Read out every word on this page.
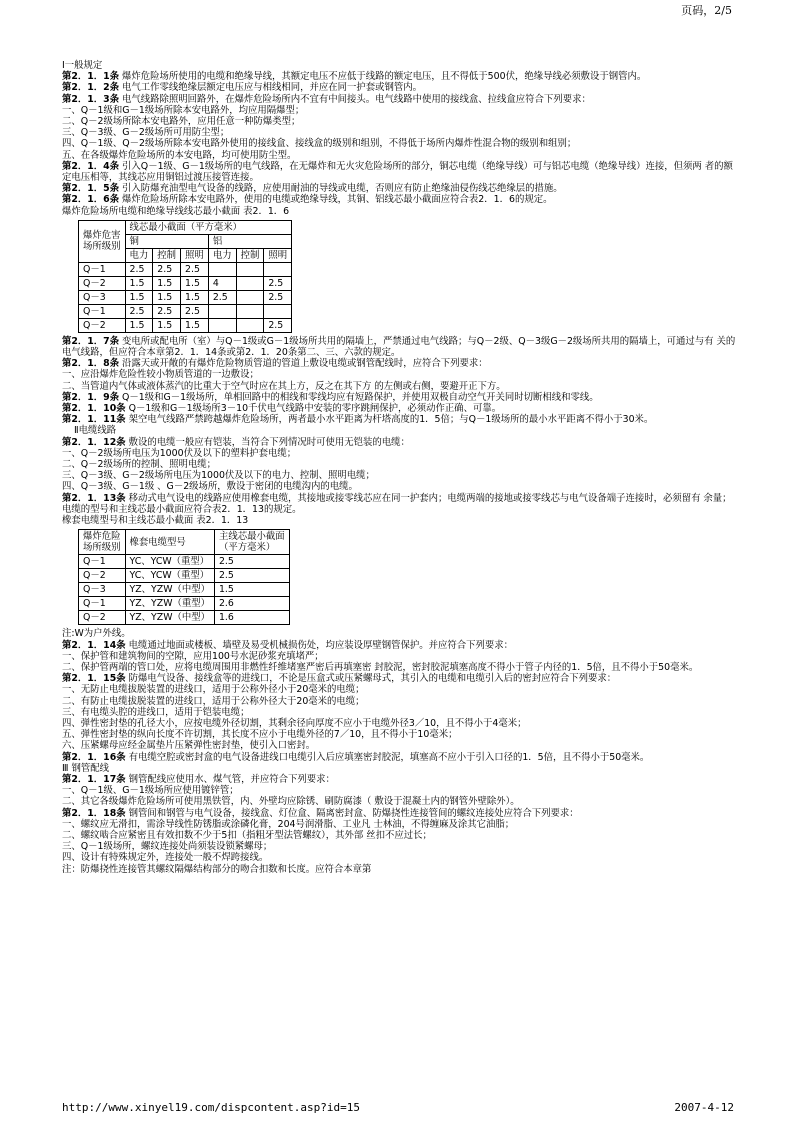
页码，2/5
Ⅰ一般规定
第2．1．1条 爆炸危险场所使用的电缆和绝缘导线，其额定电压不应低于线路的额定电压，且不得低于500伏，绝缘导线必须敷设于钢管内。
第2．1．2条 电气工作零线绝缘层额定电压应与相线相同，并应在同一护套或钢管内。
第2．1．3条 电气线路除照明回路外，在爆炸危险场所内不宜有中间接头。电气线路中使用的接线盒、拉线盒应符合下列要求：
一、Q－1级和G－1级场所除本安电路外，均应用隔爆型；
二、Q－2级场所除本安电路外，应用任意一种防爆类型；
三、Q－3级、G－2级场所可用防尘型；
四、Q－1级、Q－2级场所除本安电路外使用的接线盒、接线盒的级别和组别，不得低于场所内爆炸性混合物的级别和组别；
五、在各级爆炸危险场所的本安电路，均可使用防尘型。
第2．1．4条 引入Q－1级、G－1级场所的电气线路，在无爆炸和无火灾危险场所的部分，铜芯电缆（绝缘导线）可与铝芯电缆（绝缘导线）连接，但须两 者的额定电压相等，其线芯应用铜铝过渡压接管连接。
第2．1．5条 引入防爆充油型电气设备的线路，应使用耐油的导线或电缆，否则应有防止绝缘油侵伤线芯绝缘层的措施。
第2．1．6条 爆炸危险场所除本安电路外，使用的电缆或绝缘导线，其铜、铝线芯最小截面应符合表2．1．6的规定。
爆炸危险场所电缆和绝缘导线线芯最小截面 表2．1．6
爆炸危害
场所级别	线芯最小截面（平方毫米）					
	铜			铝		
	电力	控制	照明	电力	控制	照明
Q－1	2.5	2.5	2.5			
Q－2	1.5	1.5	1.5	4		2.5
Q－3	1.5	1.5	1.5	2.5		2.5
Q－1	2.5	2.5	2.5			
Q－2	1.5	1.5	1.5			2.5
第2．1．7条 变电所或配电所（室）与Q－1级或G－1级场所共用的隔墙上，严禁通过电气线路；与Q－2级、Q－3级G－2级场所共用的隔墙上，可通过与有 关的电气线路，但应符合本章第2．1．14条或第2．1．20条第二、三、六款的规定。
第2．1．8条 沿露天或开敞的有爆炸危险物质管道的管道上敷设电缆或钢管配线时，应符合下列要求：
一、应沿爆炸危险性较小物质管道的一边敷设；
二、当管道内气体或液体蒸汽的比重大于空气时应在其上方，反之在其下方 的左侧或右侧，要避开正下方。
第2．1．9条 Q－1级和G－1级场所，单相回路中的相线和零线均应有短路保护，并使用双极自动空气开关同时切断相线和零线。
第2．1．10条 Q－1级和G－1级场所3－10千伏电气线路中安装的零序跳闸保护，必须动作正确、可靠。
第2．1．11条 架空电气线路严禁跨越爆炸危险场所，两者最小水平距离为杆塔高度的1．5倍；与Q－1级场所的最小水平距离不得小于30米。
Ⅱ电缆线路
第2．1．12条 敷设的电缆一般应有铠装，当符合下列情况时可使用无铠装的电缆：
一、Q－2级场所电压为1000伏及以下的塑料护套电缆；
二、Q－2级场所的控制、照明电缆；
三、Q－3级、G－2级场所电压为1000伏及以下的电力、控制、照明电缆；
四、Q－3级、G－1级 、G－2级场所，敷设于密闭的电缆沟内的电缆。
第2．1．13条 移动式电气设电的线路应使用橡套电缆，其接地或接零线芯应在同一护套内；电缆两端的接地或接零线芯与电气设备端子连接时，必须留有 余量；电缆的型号和主线芯最小截面应符合表2．1．13的规定。
橡套电缆型号和主线芯最小截面 表2．1．13
爆炸危险
场所级别	橡套电缆型号	主线芯最小截面
（平方毫米）
Q－1	YC、YCW（重型）	2.5
Q－2	YC、YCW（重型）	2.5
Q－3	YZ、YZW（中型）	1.5
Q－1	YZ、YZW（重型）	2.6
Q－2	YZ、YZW（中型）	1.6
注:W为户外线。
第2．1．14条 电缆通过地面或楼板、墙壁及易受机械损伤处，均应装设厚壁钢管保护。并应符合下列要求：
一、保护管和建筑物间的空隙，应用100号水泥砂浆充填堵严；
二、保护管两端的管口处，应将电缆周围用非燃性纤维堵塞严密后再填塞密 封胶泥，密封胶泥填塞高度不得小于管子内径的1．5倍，且不得小于50毫米。
第2．1．15条 防爆电气设备、接线盒等的进线口，不论是压盒式或压紧螺母式，其引入的电缆和电缆引入后的密封应符合下列要求：
一、无防止电缆拔脱装置的进线口，适用于公称外径小于20毫米的电缆；
二、有防止电缆拔脱装置的进线口，适用于公称外径大于20毫米的电缆；
三、有电缆头腔的进线口，适用于铠装电缆；
四、弹性密封垫的孔径大小，应按电缆外径切割，其剩余径向厚度不应小于电缆外径3／10，且不得小于4毫米；
五、弹性密封垫的纵向长度不许切割，其长度不应小于电缆外径的7／10，且不得小于10毫米；
六、压紧螺母应经金属垫片压紧弹性密封垫，使引入口密封。
第2．1．16条 有电缆空腔或密封盒的电气设备进线口电缆引入后应填塞密封胶泥，填塞高不应小于引入口径的1．5倍，且不得小于50毫米。
Ⅲ 钢管配线
第2．1．17条 钢管配线应使用水、煤气管，并应符合下列要求：
一、Q－1级、G－1级场所应使用镀锌管；
二、其它各级爆炸危险场所可使用黑铁管，内、外壁均应除锈、刷防腐漆（ 敷设于混凝土内的钢管外壁除外）。
第2．1．18条 钢管间和钢管与电气设备，接线盒、灯位盒、隔离密封盒、防爆挠性连接管间的螺纹连接处应符合下列要求：
一、螺纹应无滑扣，需涂导线性防锈脂或涂磷化膏，204号润滑脂、工业凡 士林油，不得缠麻及涂其它油脂；
二、螺纹啮合应紧密且有效扣数不少于5扣（指粗牙型法管螺纹），其外部 丝扣不应过长；
三、Q－1级场所，螺纹连接处尚须装设锁紧螺母；
四、设计有特殊规定外，连接处一般不焊跨接线。
注：防爆挠性连接管其螺纹隔爆结构部分的吻合扣数和长度。应符合本章第
http://www.xinyel19.com/dispcontent.asp?id=15	2007-4-12
